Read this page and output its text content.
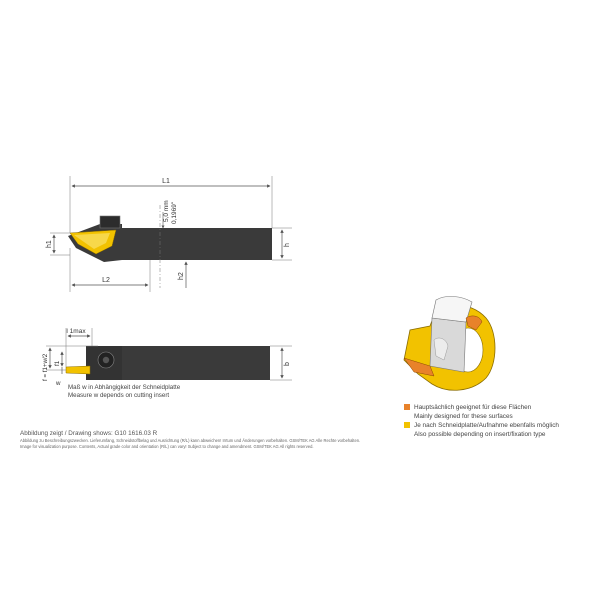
L1
5,0 mm 0,1969"
h1	h
L2
h2
l 1max
f = f1+w/2 f1
w
b
Maß w in Abhängigkeit der Schneidplatte
Measure w depends on cutting insert
Abbildung zeigt / Drawing shows: G10 1616.03 R
Abbildung zu Beschreibungszwecken. Lieferumfang, Schneidstoffbelag und Ausrichtung (R/L) kann abweichen! Irrtum und Änderungen vorbehalten. GSM/TEK AG Alle Rechte vorbehalten.
Image for visualization purpose. Contents, Actual grade color and orientation (R/L) can vary! Subject to change and amendment. GSM/TEK AG All rights reserved.
Hauptsächlich geeignet für diese Flächen
Mainly designed for these surfaces
Je nach Schneidplatte/Aufnahme ebenfalls möglich
Also possible depending on insert/fixation type
